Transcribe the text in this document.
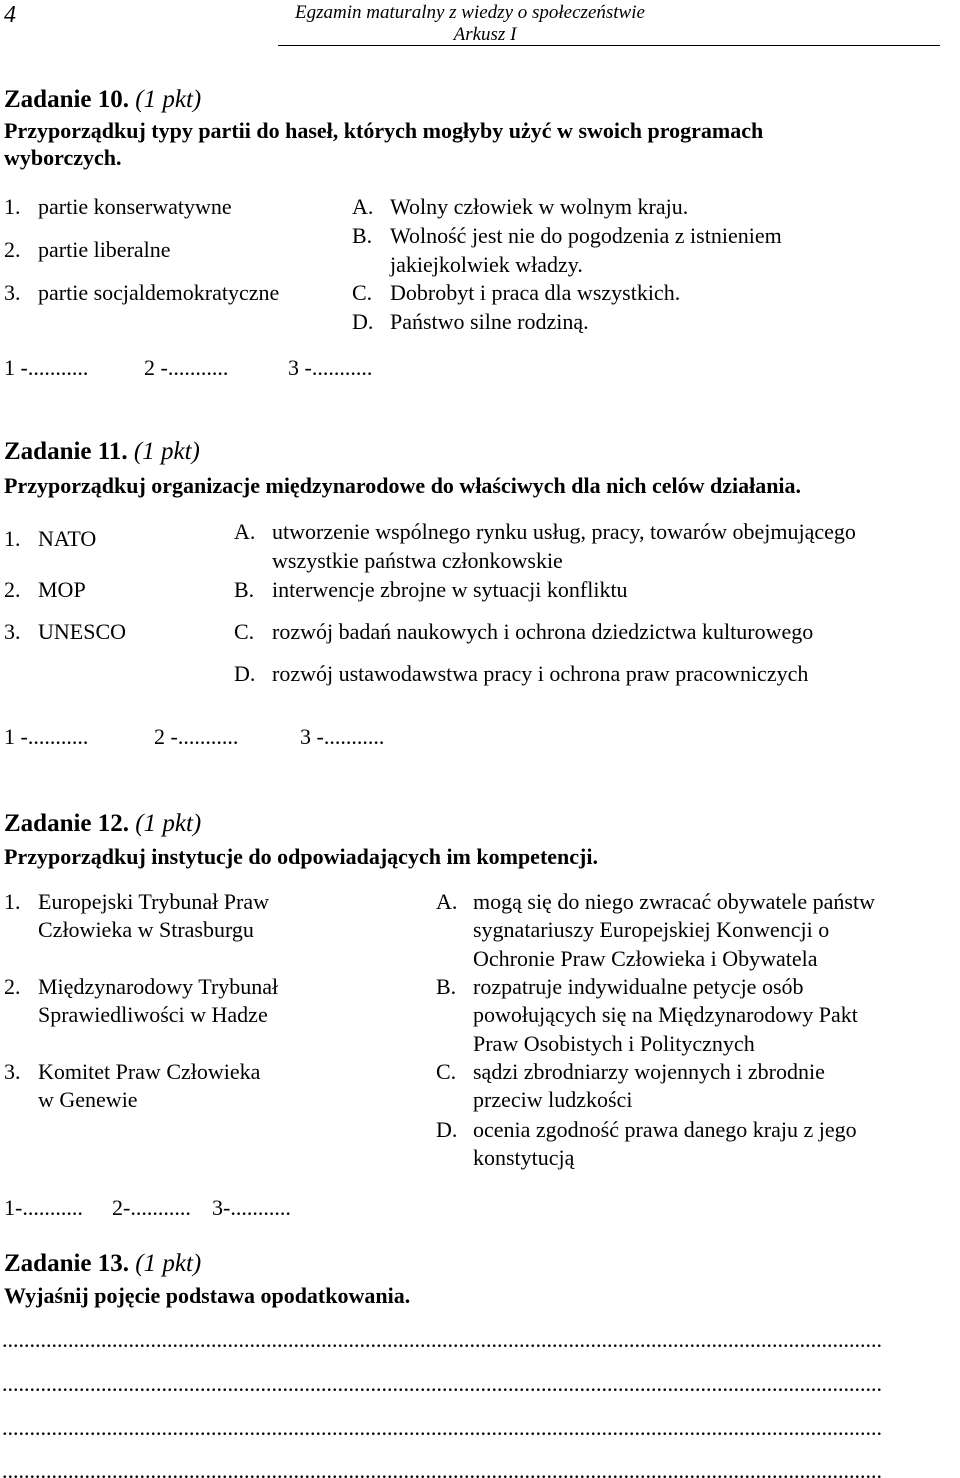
4	Egzamin maturalny z wiedzy o społeczeństwie
Arkusz I
Zadanie 10. (1 pkt)
Przyporządkuj typy partii do haseł, których mogłyby użyć w swoich programach
wyborczych.
1. partie konserwatywne
2. partie liberalne
3. partie socjaldemokratyczne
A. Wolny człowiek w wolnym kraju.
B. Wolność jest nie do pogodzenia z istnieniem
jakiejkolwiek władzy.
C. Dobrobyt i praca dla wszystkich.
D. Państwo silne rodziną.
1 -...........	2 -...........	3 -...........
Zadanie 11. (1 pkt)
Przyporządkuj organizacje międzynarodowe do właściwych dla nich celów działania.
1. NATO
2. MOP
3. UNESCO
A. utworzenie wspólnego rynku usług, pracy, towarów obejmującego
wszystkie państwa członkowskie
B. interwencje zbrojne w sytuacji konfliktu
C. rozwój badań naukowych i ochrona dziedzictwa kulturowego
D. rozwój ustawodawstwa pracy i ochrona praw pracowniczych
1 -...........	2 -...........	3 -...........
Zadanie 12. (1 pkt)
Przyporządkuj instytucje do odpowiadających im kompetencji.
1. Europejski Trybunał Praw
Człowieka w Strasburgu
2. Międzynarodowy Trybunał
Sprawiedliwości w Hadze
3. Komitet Praw Człowieka
w Genewie
A. mogą się do niego zwracać obywatele państw
sygnatariuszy Europejskiej Konwencji o
Ochronie Praw Człowieka i Obywatela
B. rozpatruje indywidualne petycje osób
powołujących się na Międzynarodowy Pakt
Praw Osobistych i Politycznych
C. sądzi zbrodniarzy wojennych i zbrodnie
przeciw ludzkości
D. ocenia zgodność prawa danego kraju z jego
konstytucją
1-........... 2-........... 3-...........
Zadanie 13. (1 pkt)
Wyjaśnij pojęcie podstawa opodatkowania.
................................................................................................................................................................
................................................................................................................................................................
................................................................................................................................................................
................................................................................................................................................................
